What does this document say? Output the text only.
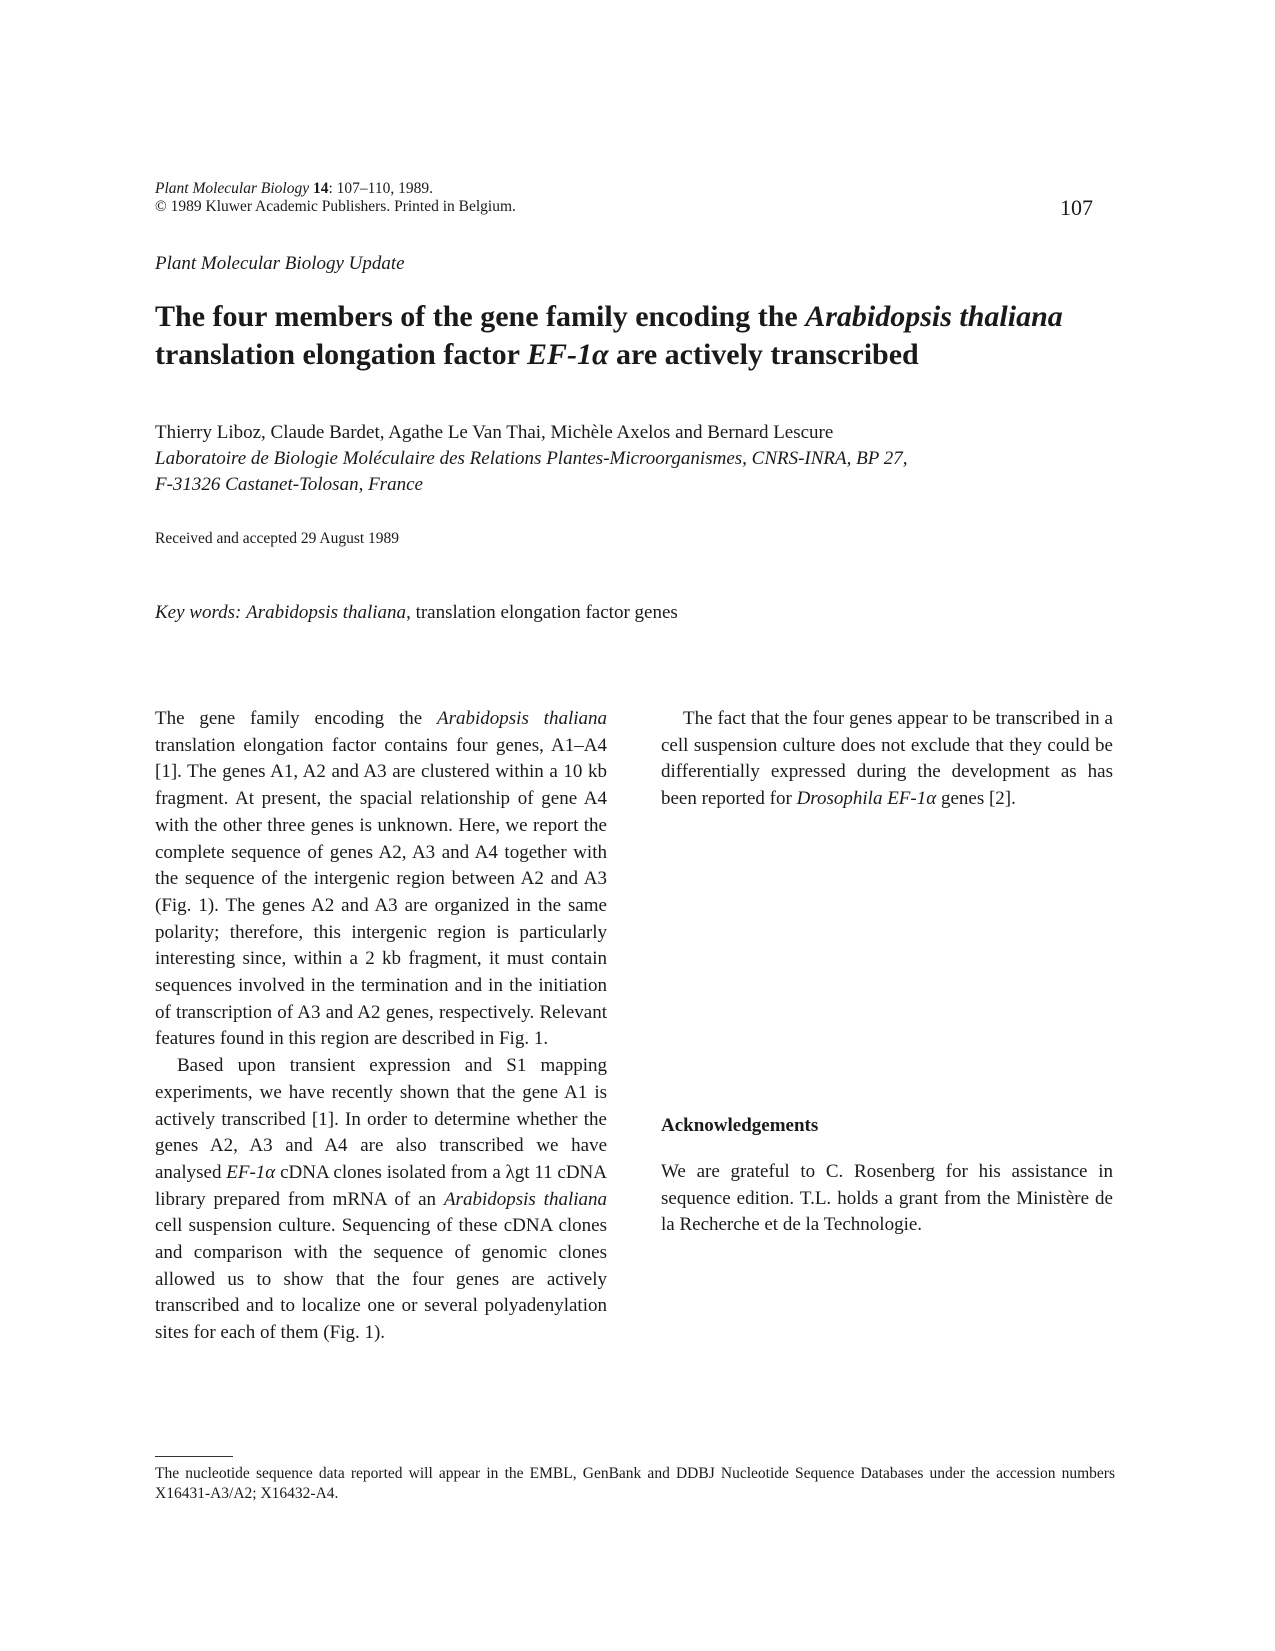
Plant Molecular Biology 14: 107–110, 1989.
© 1989 Kluwer Academic Publishers. Printed in Belgium.	107
Plant Molecular Biology Update
The four members of the gene family encoding the Arabidopsis thaliana
translation elongation factor EF-1α are actively transcribed
Thierry Liboz, Claude Bardet, Agathe Le Van Thai, Michèle Axelos and Bernard Lescure
Laboratoire de Biologie Moléculaire des Relations Plantes-Microorganismes, CNRS-INRA, BP 27,
F-31326 Castanet-Tolosan, France
Received and accepted 29 August 1989
Key words: Arabidopsis thaliana, translation elongation factor genes

The gene family encoding the Arabidopsis thaliana translation elongation factor contains four genes, A1–A4 [1]. The genes A1, A2 and A3 are clustered within a 10 kb fragment. At present, the spacial relationship of gene A4 with the other three genes is unknown. Here, we report the complete sequence of genes A2, A3 and A4 together with the sequence of the intergenic region between A2 and A3 (Fig. 1). The genes A2 and A3 are organized in the same polarity; therefore, this intergenic region is particularly interesting since, within a 2 kb fragment, it must contain sequences involved in the termination and in the initiation of transcription of A3 and A2 genes, respectively. Relevant features found in this region are described in Fig. 1.

Based upon transient expression and S1 mapping experiments, we have recently shown that the gene A1 is actively transcribed [1]. In order to determine whether the genes A2, A3 and A4 are also transcribed we have analysed EF-1α cDNA clones isolated from a λgt 11 cDNA library prepared from mRNA of an Arabidopsis thaliana cell suspension culture. Sequencing of these cDNA clones and comparison with the sequence of genomic clones allowed us to show that the four genes are actively transcribed and to localize one or several polyadenylation sites for each of them (Fig. 1).

The fact that the four genes appear to be transcribed in a cell suspension culture does not exclude that they could be differentially expressed during the development as has been reported for Drosophila EF-1α genes [2].

Acknowledgements
We are grateful to C. Rosenberg for his assistance in sequence edition. T.L. holds a grant from the Ministère de la Recherche et de la Technologie.
The nucleotide sequence data reported will appear in the EMBL, GenBank and DDBJ Nucleotide Sequence Databases under the accession numbers X16431-A3/A2; X16432-A4.
